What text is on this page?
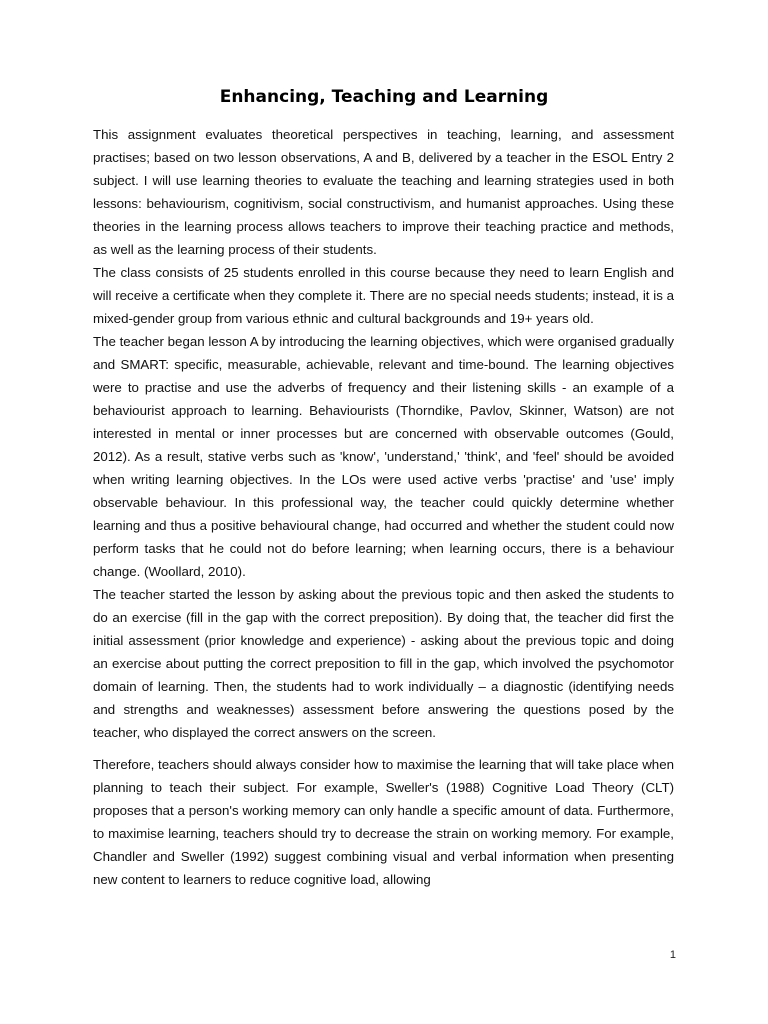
Enhancing, Teaching and Learning

This assignment evaluates theoretical perspectives in teaching, learning, and assessment practises; based on two lesson observations, A and B, delivered by a teacher in the ESOL Entry 2 subject. I will use learning theories to evaluate the teaching and learning strategies used in both lessons: behaviourism, cognitivism, social constructivism, and humanist approaches. Using these theories in the learning process allows teachers to improve their teaching practice and methods, as well as the learning process of their students.

The class consists of 25 students enrolled in this course because they need to learn English and will receive a certificate when they complete it. There are no special needs students; instead, it is a mixed-gender group from various ethnic and cultural backgrounds and 19+ years old.

The teacher began lesson A by introducing the learning objectives, which were organised gradually and SMART: specific, measurable, achievable, relevant and time-bound. The learning objectives were to practise and use the adverbs of frequency and their listening skills - an example of a behaviourist approach to learning. Behaviourists (Thorndike, Pavlov, Skinner, Watson) are not interested in mental or inner processes but are concerned with observable outcomes (Gould, 2012). As a result, stative verbs such as 'know', 'understand,' 'think', and 'feel' should be avoided when writing learning objectives. In the LOs were used active verbs 'practise' and 'use' imply observable behaviour. In this professional way, the teacher could quickly determine whether learning and thus a positive behavioural change, had occurred and whether the student could now perform tasks that he could not do before learning; when learning occurs, there is a behaviour change. (Woollard, 2010).

The teacher started the lesson by asking about the previous topic and then asked the students to do an exercise (fill in the gap with the correct preposition). By doing that, the teacher did first the initial assessment (prior knowledge and experience) - asking about the previous topic and doing an exercise about putting the correct preposition to fill in the gap, which involved the psychomotor domain of learning. Then, the students had to work individually – a diagnostic (identifying needs and strengths and weaknesses) assessment before answering the questions posed by the teacher, who displayed the correct answers on the screen.

Therefore, teachers should always consider how to maximise the learning that will take place when planning to teach their subject. For example, Sweller's (1988) Cognitive Load Theory (CLT) proposes that a person's working memory can only handle a specific amount of data. Furthermore, to maximise learning, teachers should try to decrease the strain on working memory. For example, Chandler and Sweller (1992) suggest combining visual and verbal information when presenting new content to learners to reduce cognitive load, allowing

1
